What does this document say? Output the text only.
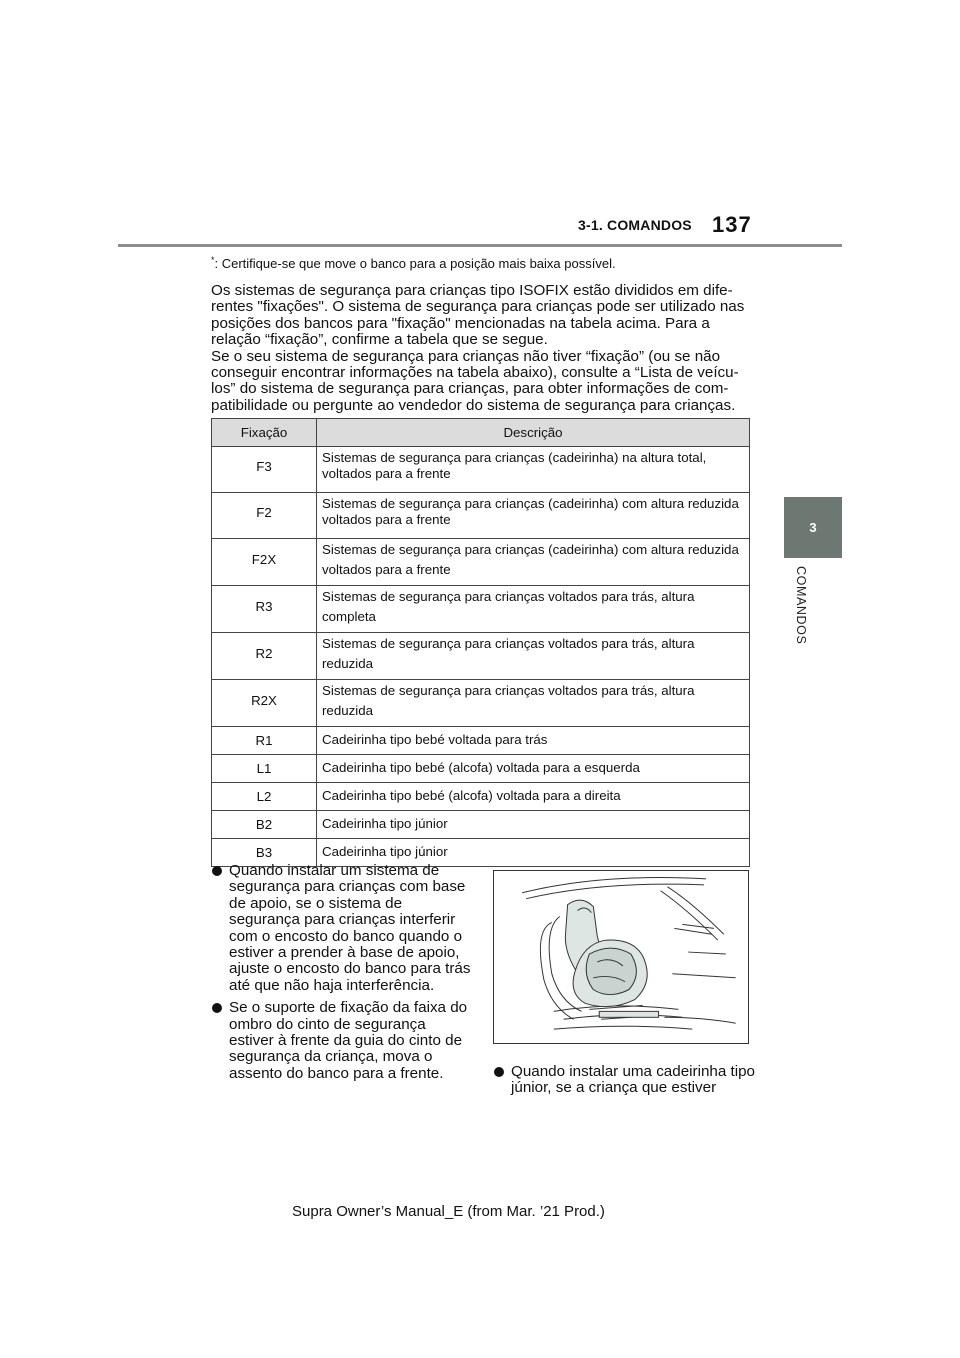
3-1. COMANDOS 137
3
COMANDOS
*: Certifique-se que move o banco para a posição mais baixa possível.

Os sistemas de segurança para crianças tipo ISOFIX estão divididos em dife- rentes "fixações". O sistema de segurança para crianças pode ser utilizado nas posições dos bancos para "fixação" mencionadas na tabela acima. Para a relação “fixação”, confirme a tabela que se segue.

Se o seu sistema de segurança para crianças não tiver “fixação” (ou se não conseguir encontrar informações na tabela abaixo), consulte a “Lista de veícu- los” do sistema de segurança para crianças, para obter informações de com- patibilidade ou pergunte ao vendedor do sistema de segurança para crianças.

Fixação	Descrição
F3	Sistemas de segurança para crianças (cadeirinha) na altura total, voltados para a frente
F2	Sistemas de segurança para crianças (cadeirinha) com altura reduzida voltados para a frente
F2X	Sistemas de segurança para crianças (cadeirinha) com altura reduzida voltados para a frente
R3	Sistemas de segurança para crianças voltados para trás, altura completa
R2	Sistemas de segurança para crianças voltados para trás, altura reduzida
R2X	Sistemas de segurança para crianças voltados para trás, altura reduzida
R1	Cadeirinha tipo bebé voltada para trás
L1	Cadeirinha tipo bebé (alcofa) voltada para a esquerda
L2	Cadeirinha tipo bebé (alcofa) voltada para a direita
B2	Cadeirinha tipo júnior
B3	Cadeirinha tipo júnior
Quando instalar um sistema de segurança para crianças com base de apoio, se o sistema de segurança para crianças interferir com o encosto do banco quando o estiver a prender à base de apoio, ajuste o encosto do banco para trás até que não haja interferência.
Se o suporte de fixação da faixa do ombro do cinto de segurança estiver à frente da guia do cinto de segurança da criança, mova o assento do banco para a frente.	Quando instalar uma cadeirinha tipo júnior, se a criança que estiver
Supra Owner’s Manual_E (from Mar. ’21 Prod.)
